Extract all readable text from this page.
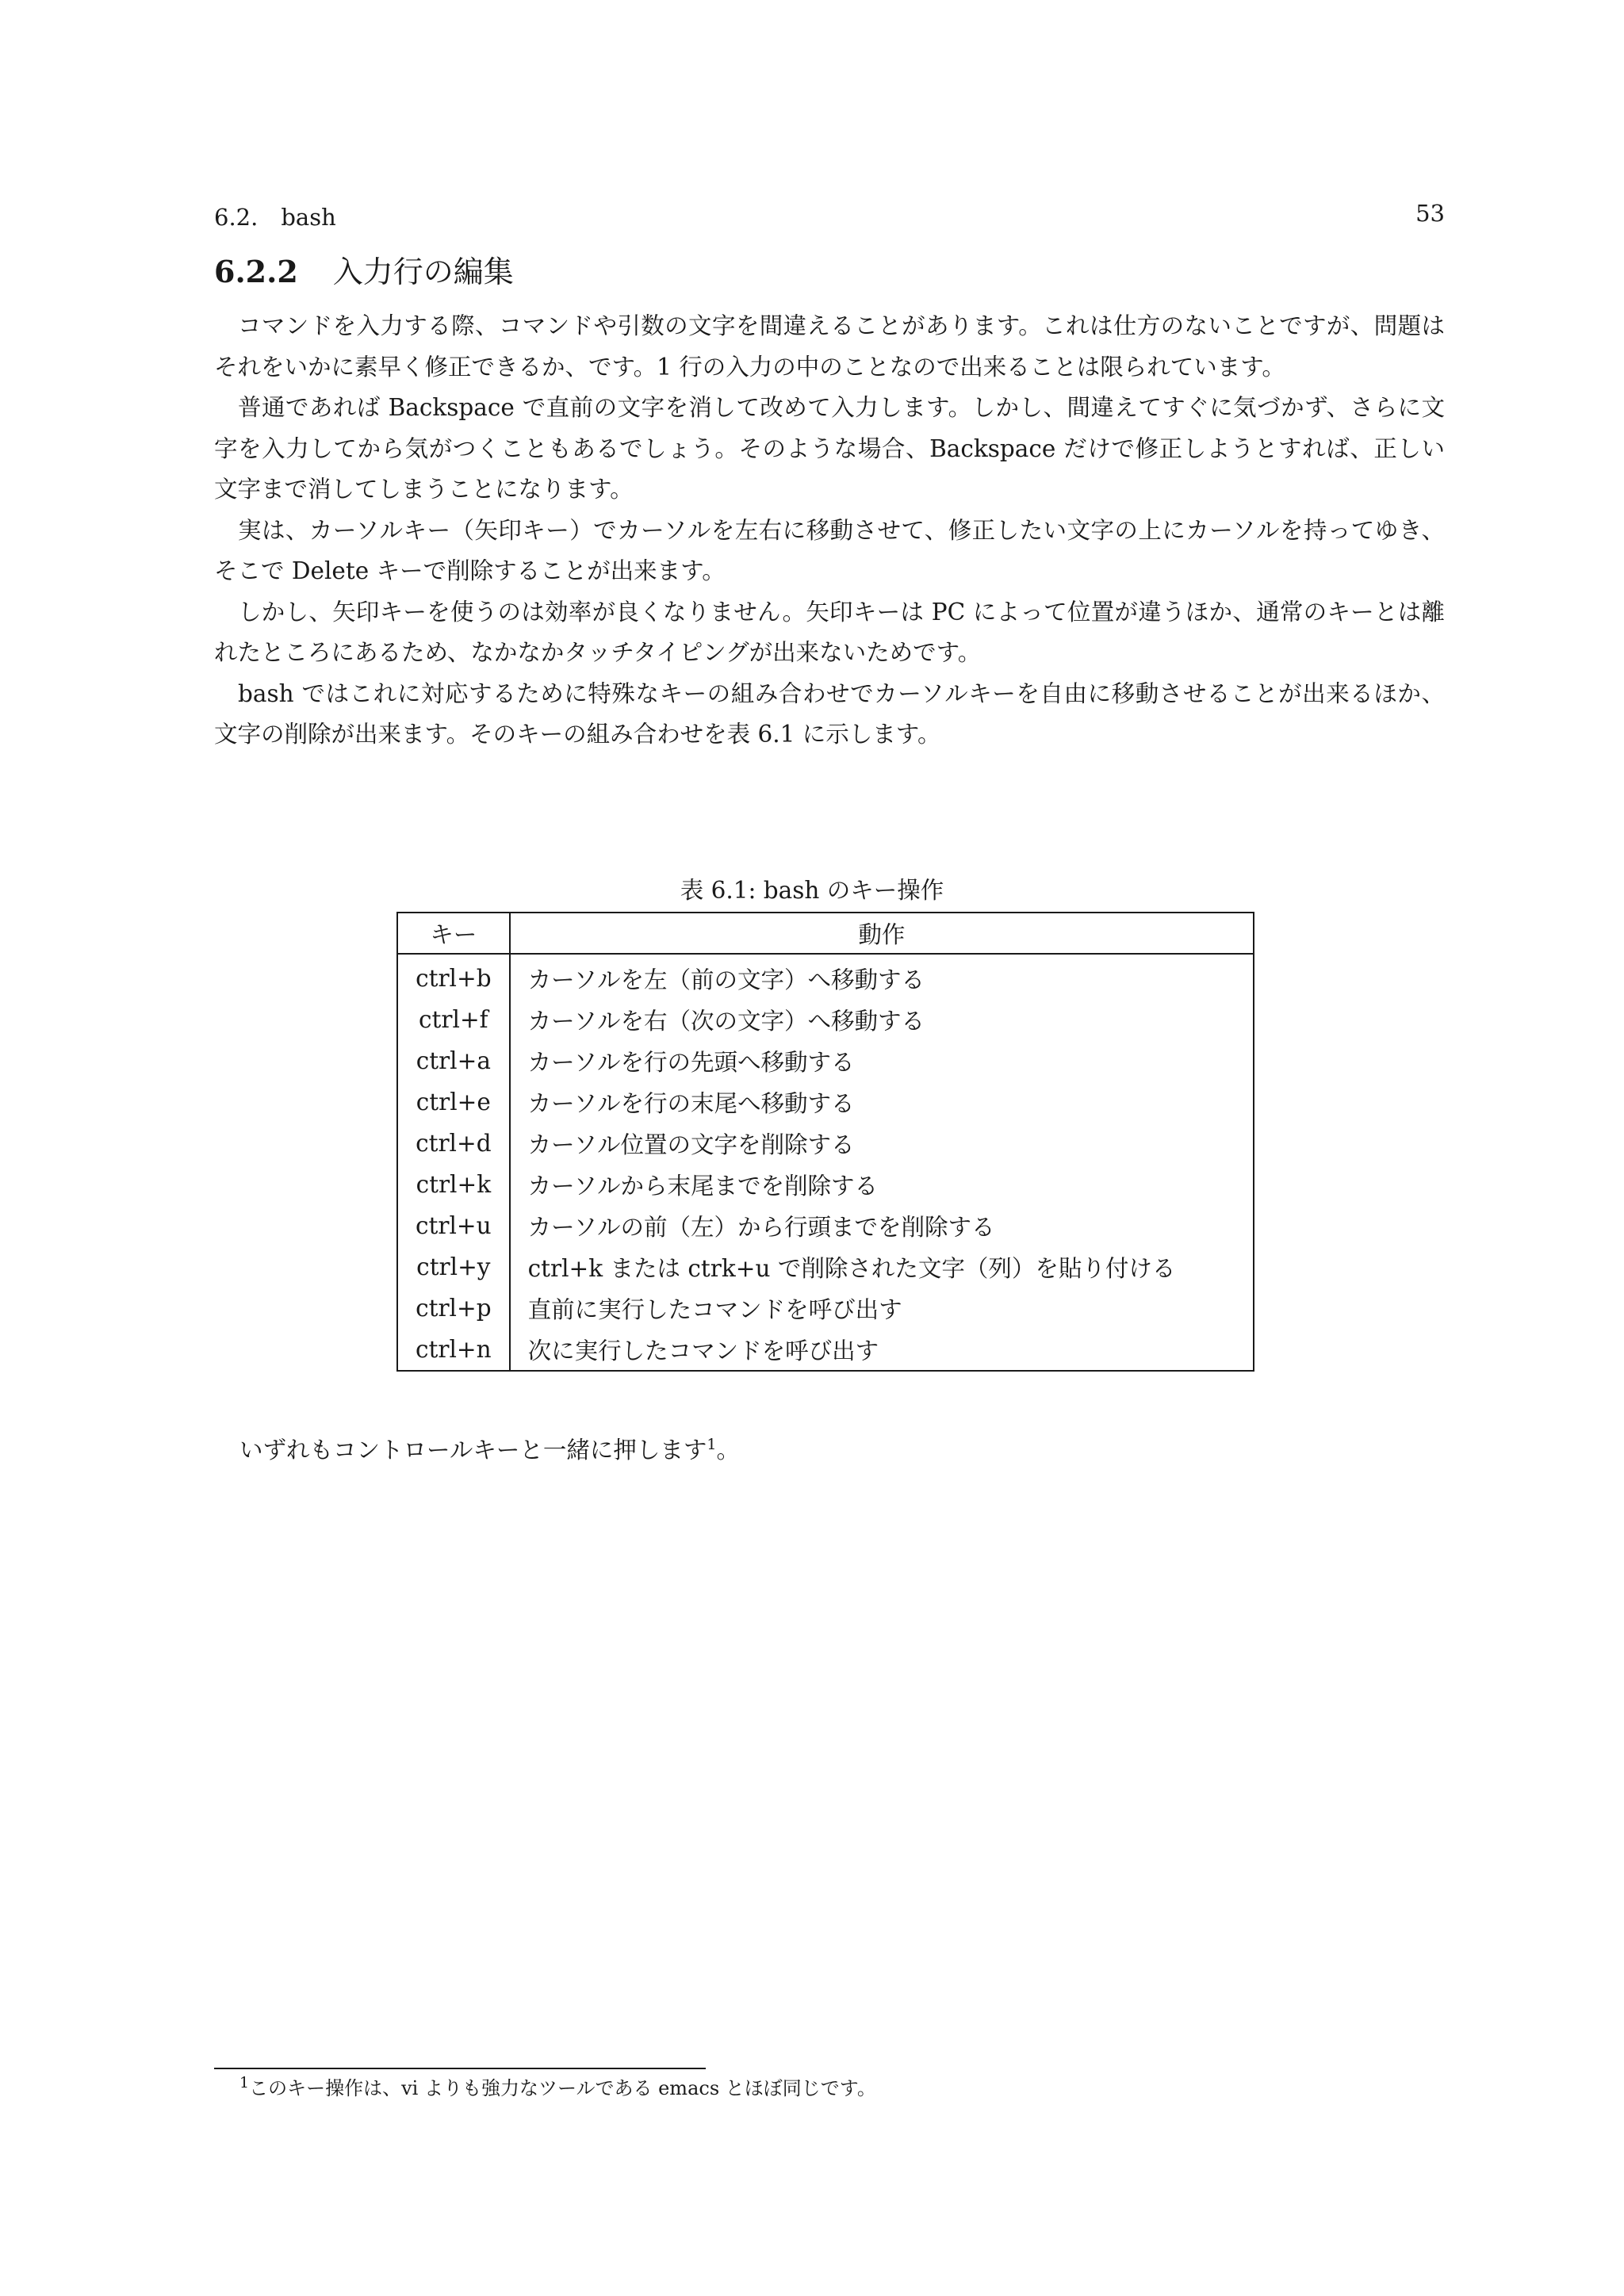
6.2.　bash	53
6.2.2 入力行の編集

コマンドを入力する際、コマンドや引数の文字を間違えることがあります。これは仕方のないことですが、問題はそれをいかに素早く修正できるか、です。1 行の入力の中のことなので出来ることは限られています。

普通であれば Backspace で直前の文字を消して改めて入力します。しかし、間違えてすぐに気づかず、さらに文字を入力してから気がつくこともあるでしょう。そのような場合、Backspace だけで修正しようとすれば、正しい文字まで消してしまうことになります。

実は、カーソルキー（矢印キー）でカーソルを左右に移動させて、修正したい文字の上にカーソルを持ってゆき、そこで Delete キーで削除することが出来ます。

しかし、矢印キーを使うのは効率が良くなりません。矢印キーは PC によって位置が違うほか、通常のキーとは離れたところにあるため、なかなかタッチタイピングが出来ないためです。

bash ではこれに対応するために特殊なキーの組み合わせでカーソルキーを自由に移動させることが出来るほか、文字の削除が出来ます。そのキーの組み合わせを表 6.1 に示します。

表 6.1: bash のキー操作
キー	動作
ctrl+b	カーソルを左（前の文字）へ移動する
ctrl+f	カーソルを右（次の文字）へ移動する
ctrl+a	カーソルを行の先頭へ移動する
ctrl+e	カーソルを行の末尾へ移動する
ctrl+d	カーソル位置の文字を削除する
ctrl+k	カーソルから末尾までを削除する
ctrl+u	カーソルの前（左）から行頭までを削除する
ctrl+y	ctrl+k または ctrk+u で削除された文字（列）を貼り付ける
ctrl+p	直前に実行したコマンドを呼び出す
ctrl+n	次に実行したコマンドを呼び出す
いずれもコントロールキーと一緒に押します$^1$。
$^1$このキー操作は、vi よりも強力なツールである emacs とほぼ同じです。
